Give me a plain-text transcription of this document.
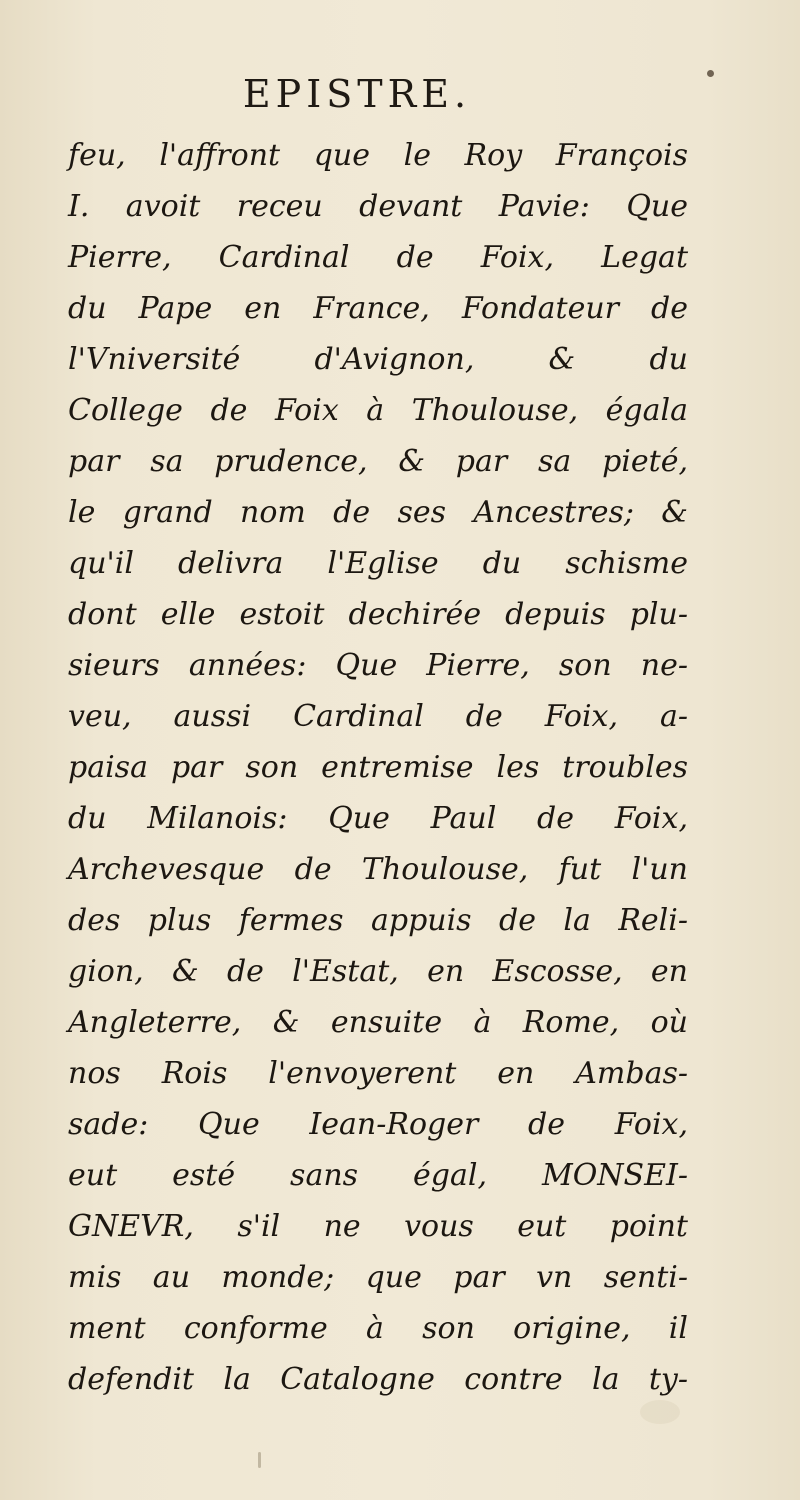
EPISTRE.
feu, l'affront que le Roy François
I. avoit receu devant Pavie: Que
Pierre, Cardinal de Foix, Legat
du Pape en France, Fondateur de
l'Vniversité d'Avignon, & du
College de Foix à Thoulouse, égala
par sa prudence, & par sa pieté,
le grand nom de ses Ancestres; &
qu'il delivra l'Eglise du schisme
dont elle estoit dechirée depuis plu-
sieurs années: Que Pierre, son ne-
veu, aussi Cardinal de Foix, a-
paisa par son entremise les troubles
du Milanois: Que Paul de Foix,
Archevesque de Thoulouse, fut l'un
des plus fermes appuis de la Reli-
gion, & de l'Estat, en Escosse, en
Angleterre, & ensuite à Rome, où
nos Rois l'envoyerent en Ambas-
sade: Que Iean-Roger de Foix,
eut esté sans égal, MONSEI-
GNEVR, s'il ne vous eut point
mis au monde; que par vn senti-
ment conforme à son origine, il
defendit la Catalogne contre la ty-
